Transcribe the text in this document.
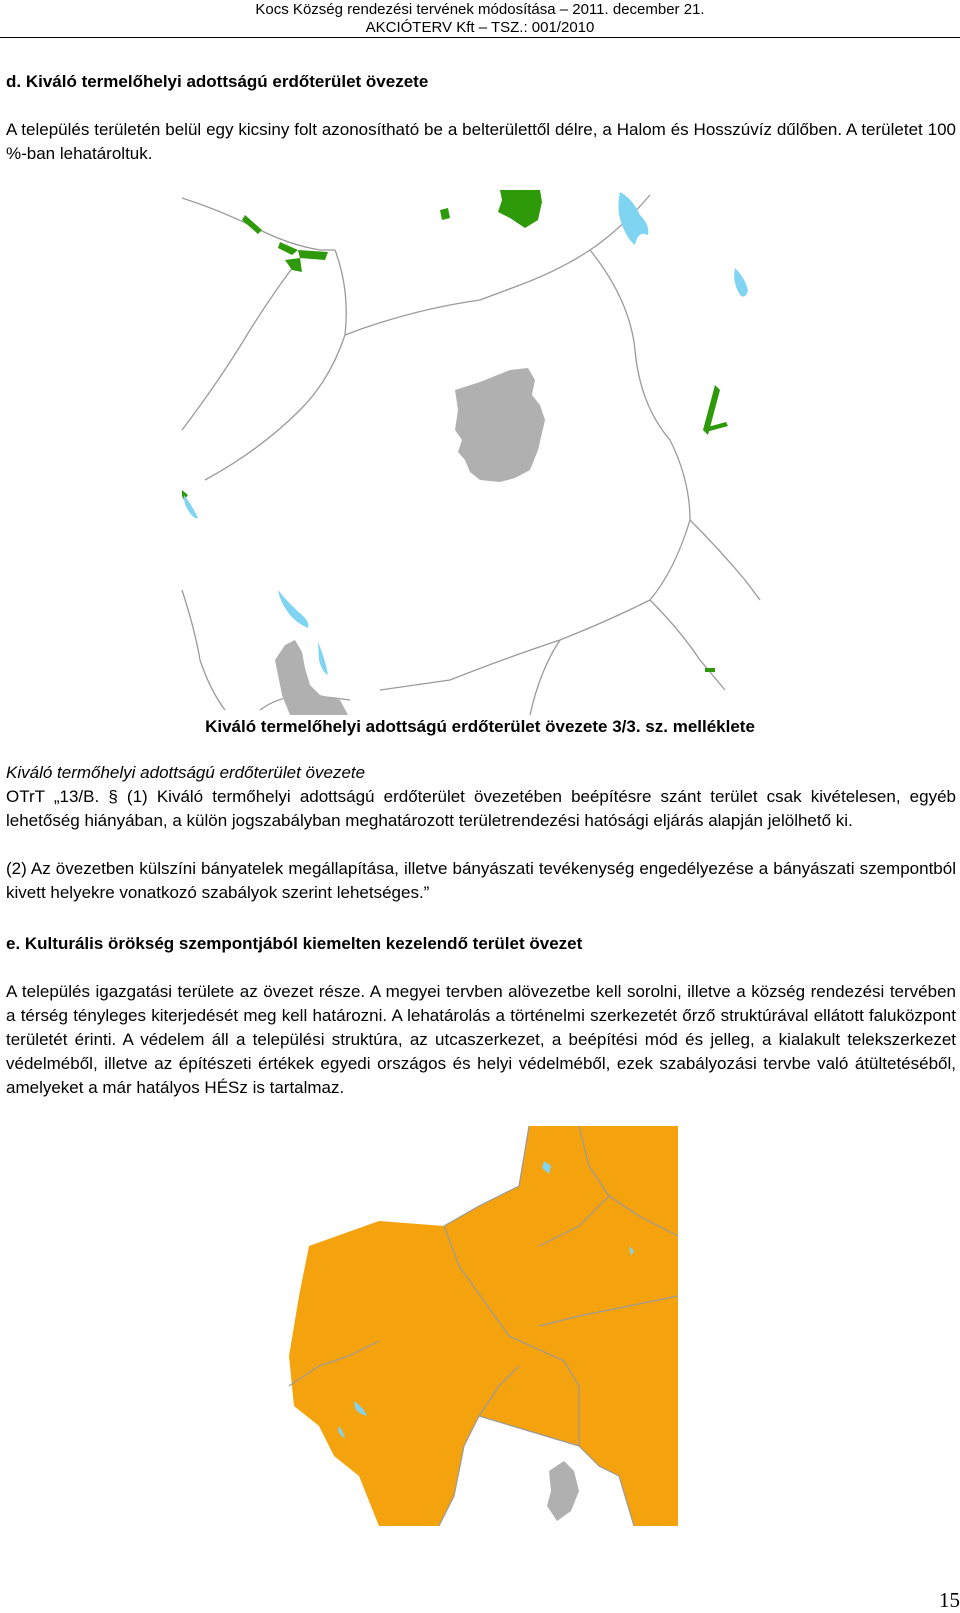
Kocs Község rendezési tervének módosítása – 2011. december 21.
AKCIÓTERV Kft – TSZ.: 001/2010
d. Kiváló termelőhelyi adottságú erdőterület övezete

A település területén belül egy kicsiny folt azonosítható be a belterülettől délre, a Halom és Hosszúvíz dűlőben. A területet 100 %-ban lehatároltuk.

Kiváló termelőhelyi adottságú erdőterület övezete 3/3. sz. melléklete
Kiváló termőhelyi adottságú erdőterület övezete

OTrT „13/B. § (1) Kiváló termőhelyi adottságú erdőterület övezetében beépítésre szánt terület csak kivételesen, egyéb lehetőség hiányában, a külön jogszabályban meghatározott területrendezési hatósági eljárás alapján jelölhető ki.

(2) Az övezetben külszíni bányatelek megállapítása, illetve bányászati tevékenység engedélyezése a bányászati szempontból kivett helyekre vonatkozó szabályok szerint lehetséges.”

e. Kulturális örökség szempontjából kiemelten kezelendő terület övezet

A település igazgatási területe az övezet része. A megyei tervben alövezetbe kell sorolni, illetve a község rendezési tervében a térség tényleges kiterjedését meg kell határozni. A lehatárolás a történelmi szerkezetét őrző struktúrával ellátott faluközpont területét érinti. A védelem áll a települési struktúra, az utcaszerkezet, a beépítési mód és jelleg, a kialakult telekszerkezet védelméből, illetve az építészeti értékek egyedi országos és helyi védelméből, ezek szabályozási tervbe való átültetéséből, amelyeket a már hatályos HÉSz is tartalmaz.

15
